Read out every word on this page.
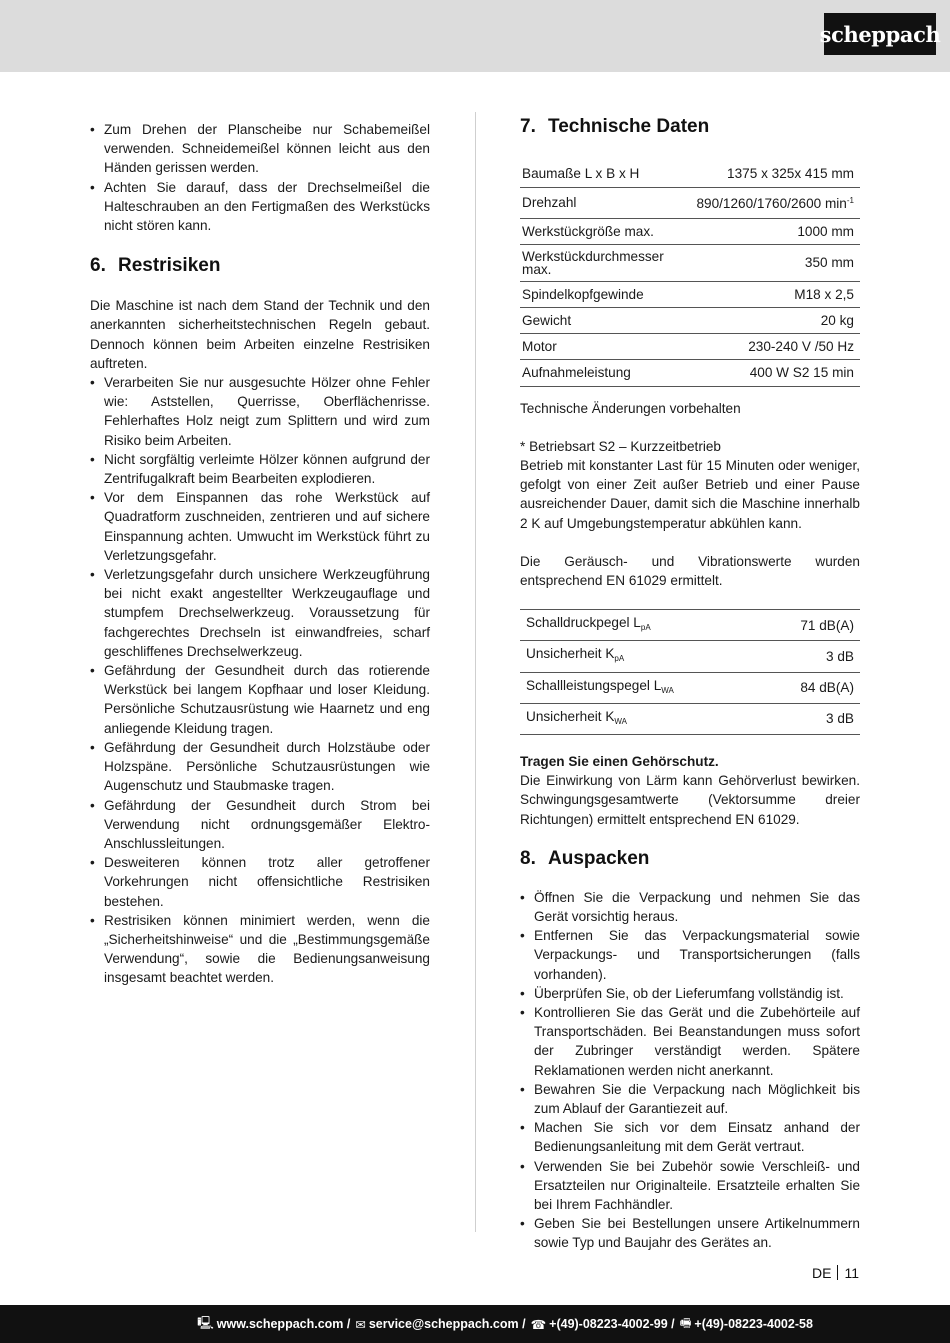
scheppach
• Zum Drehen der Planscheibe nur Schabemeißel verwenden. Schneidemeißel können leicht aus den Händen gerissen werden.
• Achten Sie darauf, dass der Drechselmeißel die Halteschrauben an den Fertigmaßen des Werkstücks nicht stören kann.
6. Restrisiken

Die Maschine ist nach dem Stand der Technik und den anerkannten sicherheitstechnischen Regeln gebaut. Dennoch können beim Arbeiten einzelne Restrisiken auftreten.

• Verarbeiten Sie nur ausgesuchte Hölzer ohne Fehler wie: Aststellen, Querrisse, Oberflächenrisse. Fehlerhaftes Holz neigt zum Splittern und wird zum Risiko beim Arbeiten.
• Nicht sorgfältig verleimte Hölzer können aufgrund der Zentrifugalkraft beim Bearbeiten explodieren.
• Vor dem Einspannen das rohe Werkstück auf Quadratform zuschneiden, zentrieren und auf sichere Einspannung achten. Umwucht im Werkstück führt zu Verletzungsgefahr.
• Verletzungsgefahr durch unsichere Werkzeugführung bei nicht exakt angestellter Werkzeugauflage und stumpfem Drechselwerkzeug. Voraussetzung für fachgerechtes Drechseln ist einwandfreies, scharf geschliffenes Drechselwerkzeug.
• Gefährdung der Gesundheit durch das rotierende Werkstück bei langem Kopfhaar und loser Kleidung. Persönliche Schutzausrüstung wie Haarnetz und eng anliegende Kleidung tragen.
• Gefährdung der Gesundheit durch Holzstäube oder Holzspäne. Persönliche Schutzausrüstungen wie Augenschutz und Staubmaske tragen.
• Gefährdung der Gesundheit durch Strom bei Verwendung nicht ordnungsgemäßer Elektro-Anschlussleitungen.
• Desweiteren können trotz aller getroffener Vorkehrungen nicht offensichtliche Restrisiken bestehen.
• Restrisiken können minimiert werden, wenn die „Sicherheitshinweise“ und die „Bestimmungsgemäße Verwendung“, sowie die Bedienungsanweisung insgesamt beachtet werden.
7. Technische Daten
Baumaße L x B x H	1375 x 325x 415 mm
Drehzahl	890/1260/1760/2600 $\min^{-1}$
Werkstückgröße max.	1000 mm
Werkstückdurchmesser max.	350 mm
Spindelkopfgewinde	M18 x 2,5
Gewicht	20 kg
Motor	230-240 V /50 Hz
Aufnahmeleistung	400 W S2 15 min

Technische Änderungen vorbehalten

* Betriebsart S2 – Kurzzeitbetrieb

Betrieb mit konstanter Last für 15 Minuten oder weniger, gefolgt von einer Zeit außer Betrieb und einer Pause ausreichender Dauer, damit sich die Maschine innerhalb 2 K auf Umgebungstemperatur abkühlen kann.

Die Geräusch- und Vibrationswerte wurden entsprechend EN 61029 ermittelt.

Schalldruckpegel $L_{pA}$	71 dB(A)
Unsicherheit $K_{pA}$	3 dB
Schallleistungspegel $L_{WA}$	84 dB(A)
Unsicherheit $K_{WA}$	3 dB

Tragen Sie einen Gehörschutz.

Die Einwirkung von Lärm kann Gehörverlust bewirken. Schwingungsgesamtwerte (Vektorsumme dreier Richtungen) ermittelt entsprechend EN 61029.

8. Auspacken
• Öffnen Sie die Verpackung und nehmen Sie das Gerät vorsichtig heraus.
• Entfernen Sie das Verpackungsmaterial sowie Verpackungs- und Transportsicherungen (falls vorhanden).
• Überprüfen Sie, ob der Lieferumfang vollständig ist.
• Kontrollieren Sie das Gerät und die Zubehörteile auf Transportschäden. Bei Beanstandungen muss sofort der Zubringer verständigt werden. Spätere Reklamationen werden nicht anerkannt.
• Bewahren Sie die Verpackung nach Möglichkeit bis zum Ablauf der Garantiezeit auf.
• Machen Sie sich vor dem Einsatz anhand der Bedienungsanleitung mit dem Gerät vertraut.
• Verwenden Sie bei Zubehör sowie Verschleiß- und Ersatzteilen nur Originalteile. Ersatzteile erhalten Sie bei Ihrem Fachhändler.
• Geben Sie bei Bestellungen unsere Artikelnummern sowie Typ und Baujahr des Gerätes an.
DE 11
🖳︎ www.scheppach.com / ✉︎ service@scheppach.com / ☎︎ +(49)-08223-4002-99 / 🖷︎ +(49)-08223-4002-58
